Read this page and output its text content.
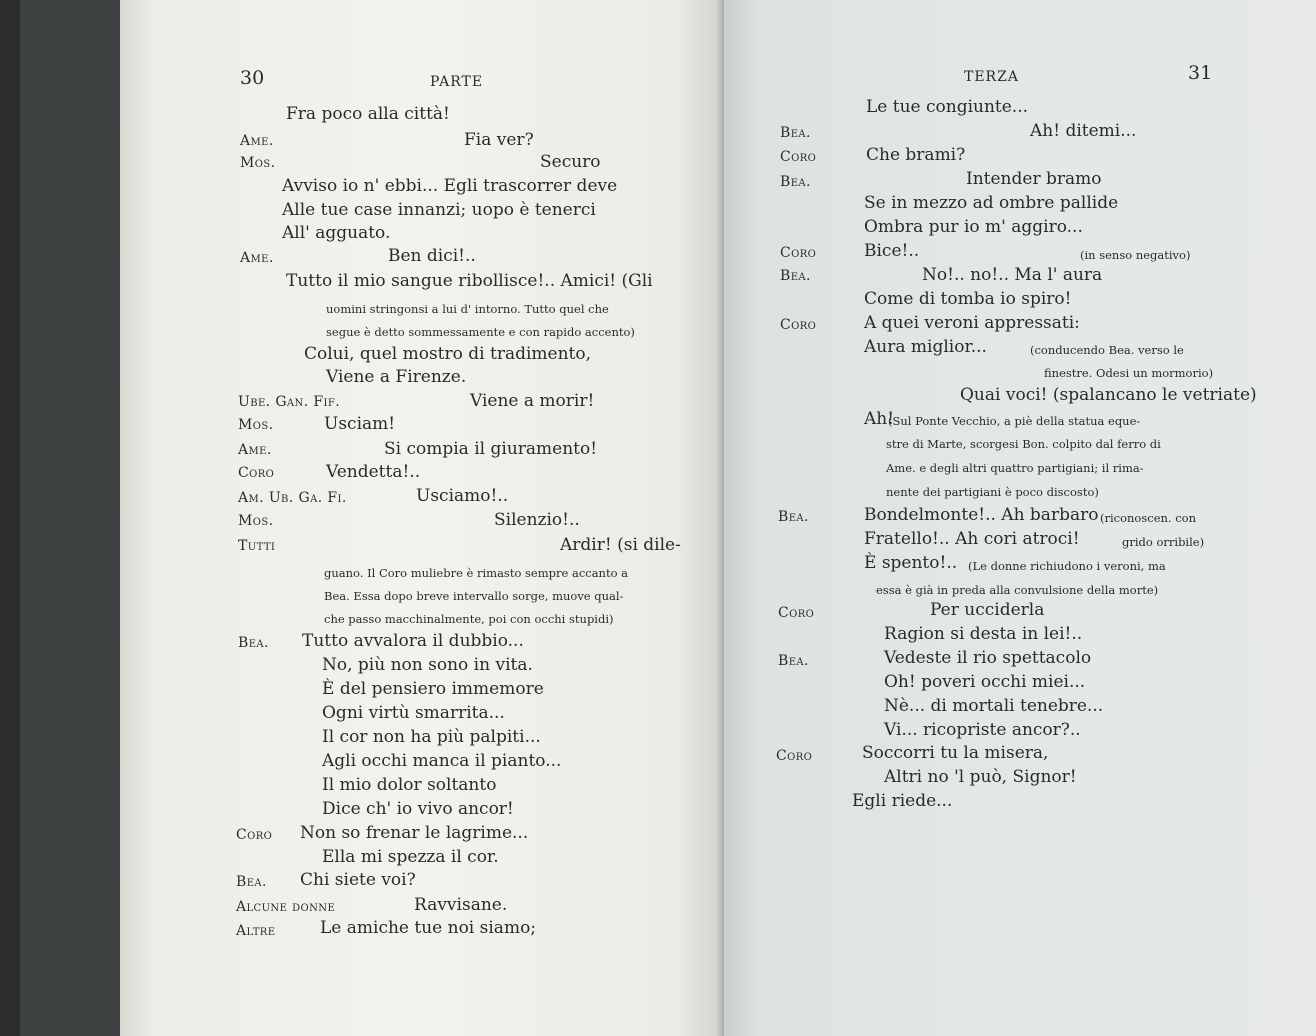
30	PARTE
Fra poco alla città!
Ame.	Fia ver?
Mos.	Securo
Avviso io n' ebbi... Egli trascorrer deve
Alle tue case innanzi; uopo è tenerci
All' agguato.
Ame.	Ben dici!..
Tutto il mio sangue ribollisce!.. Amici! (Gli
uomini stringonsi a lui d' intorno. Tutto quel che
segue è detto sommessamente e con rapido accento)
Colui, quel mostro di tradimento,
Viene a Firenze.
Ube. Gan. Fif.	Viene a morir!
Mos.	Usciam!
Ame.	Si compia il giuramento!
Coro	Vendetta!..
Am. Ub. Ga. Fi.	Usciamo!..
Mos.	Silenzio!..
Tutti	Ardir! (si dile-
guano. Il Coro muliebre è rimasto sempre accanto a
Bea. Essa dopo breve intervallo sorge, muove qual-
che passo macchinalmente, poi con occhi stupidi)
Bea. Tutto avvalora il dubbio...
No, più non sono in vita.
È del pensiero immemore
Ogni virtù smarrita...
Il cor non ha più palpiti...
Agli occhi manca il pianto...
Il mio dolor soltanto
Dice ch' io vivo ancor!
Coro Non so frenar le lagrime...
Ella mi spezza il cor.
Bea. Chi siete voi?
Alcune donne	Ravvisane.
Altre	Le amiche tue noi siamo;
TERZA	31
Le tue congiunte...
Bea.	Ah! ditemi...
Coro	Che brami?
Bea.	Intender bramo
Se in mezzo ad ombre pallide
Ombra pur io m' aggiro...
Coro	Bice!..	(in senso negativo)
Bea.	No!.. no!.. Ma l' aura
Come di tomba io spiro!
Coro	A quei veroni appressati:
Aura miglior...	(conducendo Bea. verso le
finestre. Odesi un mormorio)
Quai voci! (spalancano le vetriate)
Ah!
(Sul Ponte Vecchio, a piè della statua eque-
stre di Marte, scorgesi Bon. colpito dal ferro di
Ame. e degli altri quattro partigiani; il rima-
nente dei partigiani è poco discosto)
Bea.	Bondelmonte!.. Ah barbaro (riconoscen. con
Fratello!.. Ah cori atroci!	grido orribile)
È spento!.. (Le donne richiudono i veroni, ma
essa è già in preda alla convulsione della morte)
Coro	Per ucciderla
Ragion si desta in lei!..
Bea.	Vedeste il rio spettacolo
Oh! poveri occhi miei...
Nè... di mortali tenebre...
Vi... ricopriste ancor?..
Coro	Soccorri tu la misera,
Altri no 'l può, Signor!
Egli riede...
